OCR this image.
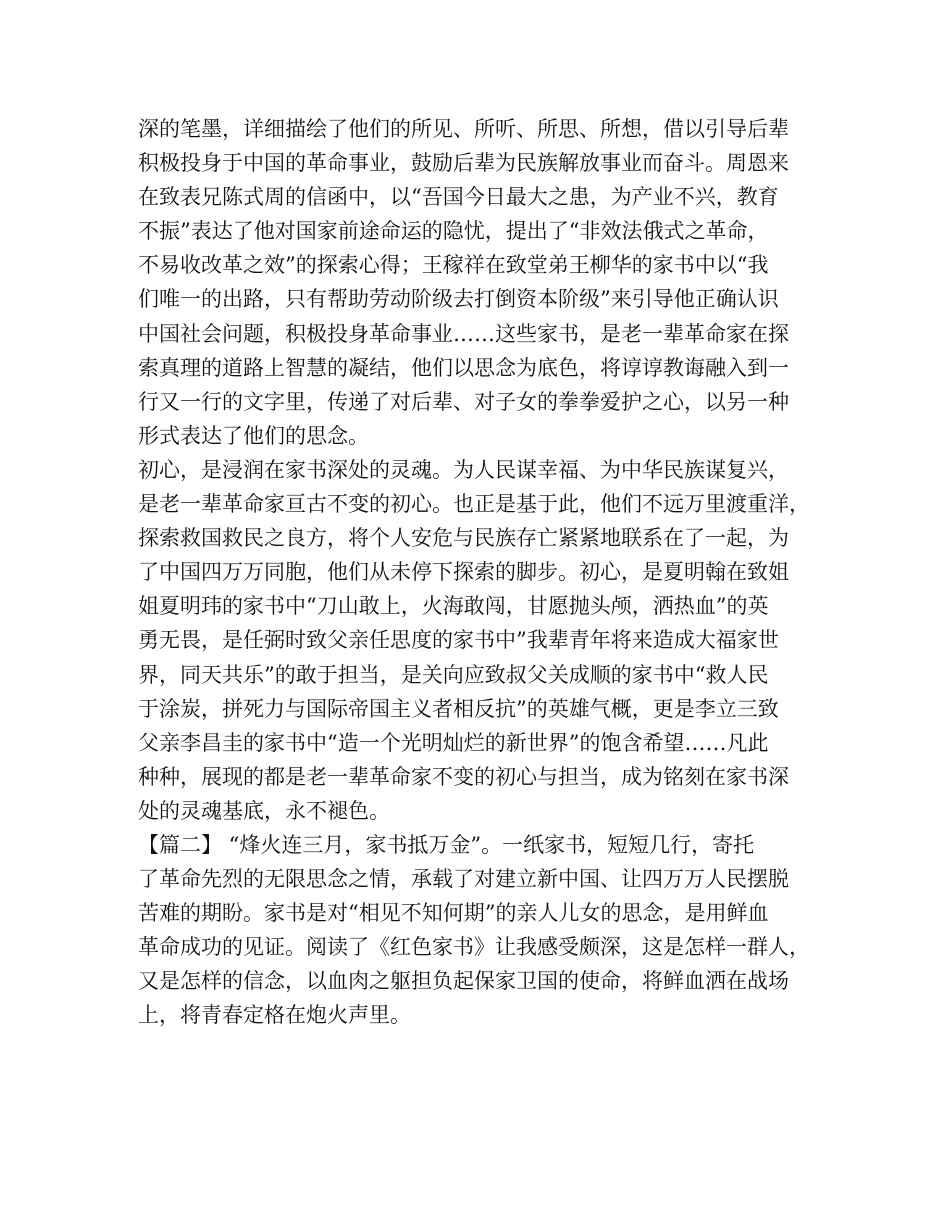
深的笔墨，详细描绘了他们的所见、所听、所思、所想，借以引导后辈
积极投身于中国的革命事业，鼓励后辈为民族解放事业而奋斗。周恩来
在致表兄陈式周的信函中，以“吾国今日最大之患，为产业不兴，教育
不振”表达了他对国家前途命运的隐忧，提出了“非效法俄式之革命，
不易收改革之效”的探索心得；王稼祥在致堂弟王柳华的家书中以“我
们唯一的出路，只有帮助劳动阶级去打倒资本阶级”来引导他正确认识
中国社会问题，积极投身革命事业……这些家书，是老一辈革命家在探
索真理的道路上智慧的凝结，他们以思念为底色，将谆谆教诲融入到一
行又一行的文字里，传递了对后辈、对子女的拳拳爱护之心，以另一种
形式表达了他们的思念。
初心，是浸润在家书深处的灵魂。为人民谋幸福、为中华民族谋复兴，
是老一辈革命家亘古不变的初心。也正是基于此，他们不远万里渡重洋，
探索救国救民之良方，将个人安危与民族存亡紧紧地联系在了一起，为
了中国四万万同胞，他们从未停下探索的脚步。初心，是夏明翰在致姐
姐夏明玮的家书中“刀山敢上，火海敢闯，甘愿抛头颅，洒热血”的英
勇无畏，是任弼时致父亲任思度的家书中”我辈青年将来造成大福家世
界，同天共乐”的敢于担当，是关向应致叔父关成顺的家书中“救人民
于涂炭，拼死力与国际帝国主义者相反抗”的英雄气概，更是李立三致
父亲李昌圭的家书中“造一个光明灿烂的新世界”的饱含希望……凡此
种种，展现的都是老一辈革命家不变的初心与担当，成为铭刻在家书深
处的灵魂基底，永不褪色。
【篇二】 “烽火连三月，家书抵万金”。一纸家书，短短几行，寄托
了革命先烈的无限思念之情，承载了对建立新中国、让四万万人民摆脱
苦难的期盼。家书是对“相见不知何期”的亲人儿女的思念，是用鲜血
革命成功的见证。阅读了《红色家书》让我感受颇深，这是怎样一群人，
又是怎样的信念，以血肉之躯担负起保家卫国的使命，将鲜血洒在战场
上，将青春定格在炮火声里。
